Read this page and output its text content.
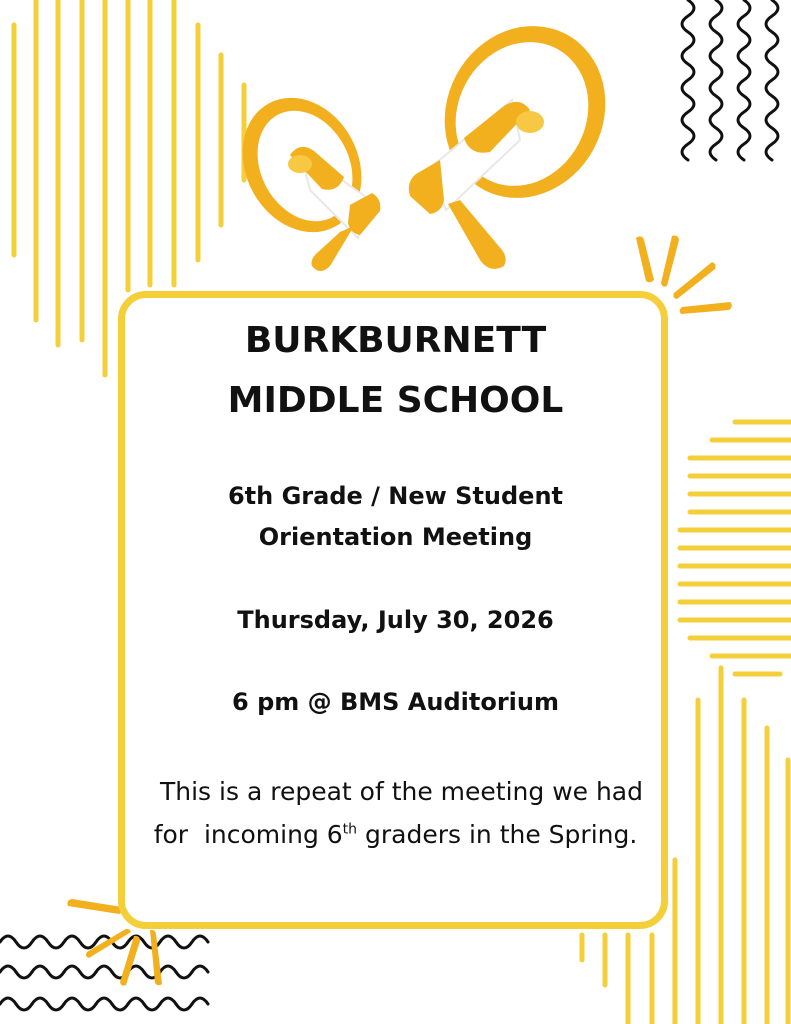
BURKBURNETT
MIDDLE SCHOOL
6th Grade / New Student
Orientation Meeting
Thursday, July 30, 2026
6 pm @ BMS Auditorium
This is a repeat of the meeting we had
for  incoming 6th graders in the Spring.
